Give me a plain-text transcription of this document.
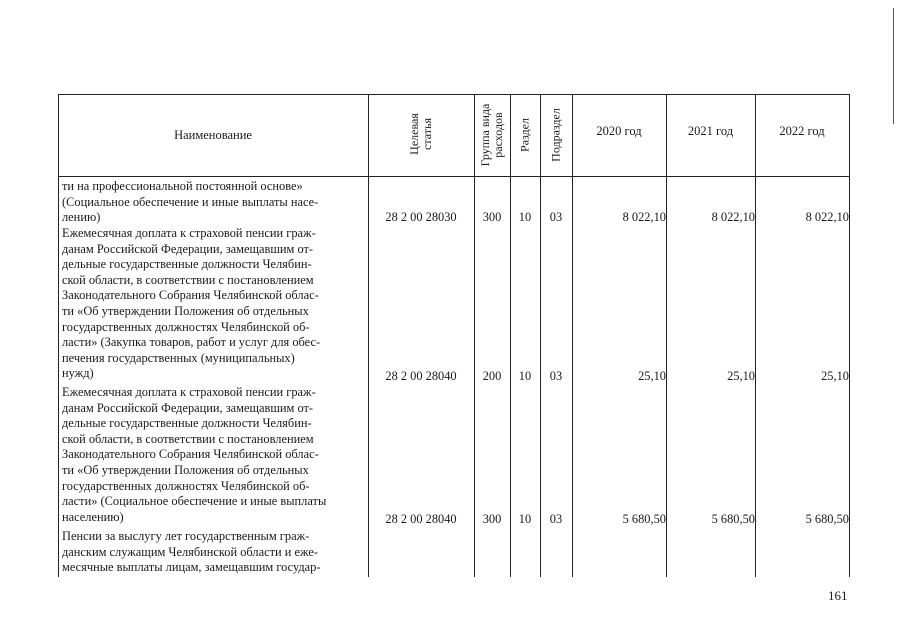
Наименование	Целевая статья	Группа вида расходов Раздел Подраздел	2020 год	2021 год	2022 год

ти на профессиональной постоянной основе»
(Социальное обеспечение и иные выплаты насе-
лению)	28 2 00 28030	300	10	03	8 022,10	8 022,10	8 022,10

Ежемесячная доплата к страховой пенсии граж-
данам Российской Федерации, замещавшим от-
дельные государственные должности Челябин-
ской области, в соответствии с постановлением
Законодательного Собрания Челябинской облас-
ти «Об утверждении Положения об отдельных
государственных должностях Челябинской об-
ласти» (Закупка товаров, работ и услуг для обес-
печения государственных (муниципальных)
нужд)	28 2 00 28040	200	10	03	25,10	25,10	25,10

Ежемесячная доплата к страховой пенсии граж-
данам Российской Федерации, замещавшим от-
дельные государственные должности Челябин-
ской области, в соответствии с постановлением
Законодательного Собрания Челябинской облас-
ти «Об утверждении Положения об отдельных
государственных должностях Челябинской об-
ласти» (Социальное обеспечение и иные выплаты
населению)	28 2 00 28040	300	10	03	5 680,50	5 680,50	5 680,50

Пенсии за выслугу лет государственным граж-
данским служащим Челябинской области и еже-
месячные выплаты лицам, замещавшим государ-

161
